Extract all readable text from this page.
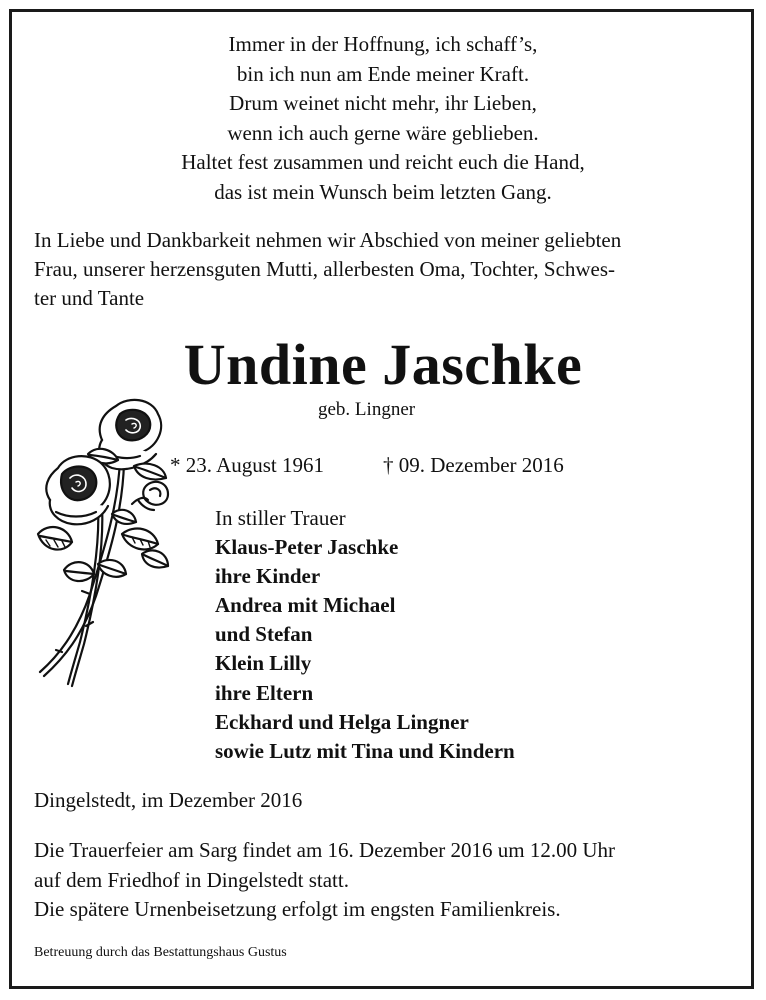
Immer in der Hoffnung, ich schaff’s,
bin ich nun am Ende meiner Kraft.
Drum weinet nicht mehr, ihr Lieben,
wenn ich auch gerne wäre geblieben.
Haltet fest zusammen und reicht euch die Hand,
das ist mein Wunsch beim letzten Gang.
In Liebe und Dankbarkeit nehmen wir Abschied von meiner geliebten
Frau, unserer herzensguten Mutti, allerbesten Oma, Tochter, Schwes-
ter und Tante
Undine Jaschke
geb. Lingner
* 23. August 1961	† 09. Dezember 2016
In stiller Trauer
Klaus-Peter Jaschke
ihre Kinder
Andrea mit Michael
und Stefan
Klein Lilly
ihre Eltern
Eckhard und Helga Lingner
sowie Lutz mit Tina und Kindern
Dingelstedt, im Dezember 2016
Die Trauerfeier am Sarg findet am 16. Dezember 2016 um 12.00 Uhr
auf dem Friedhof in Dingelstedt statt.
Die spätere Urnenbeisetzung erfolgt im engsten Familienkreis.
Betreuung durch das Bestattungshaus Gustus
